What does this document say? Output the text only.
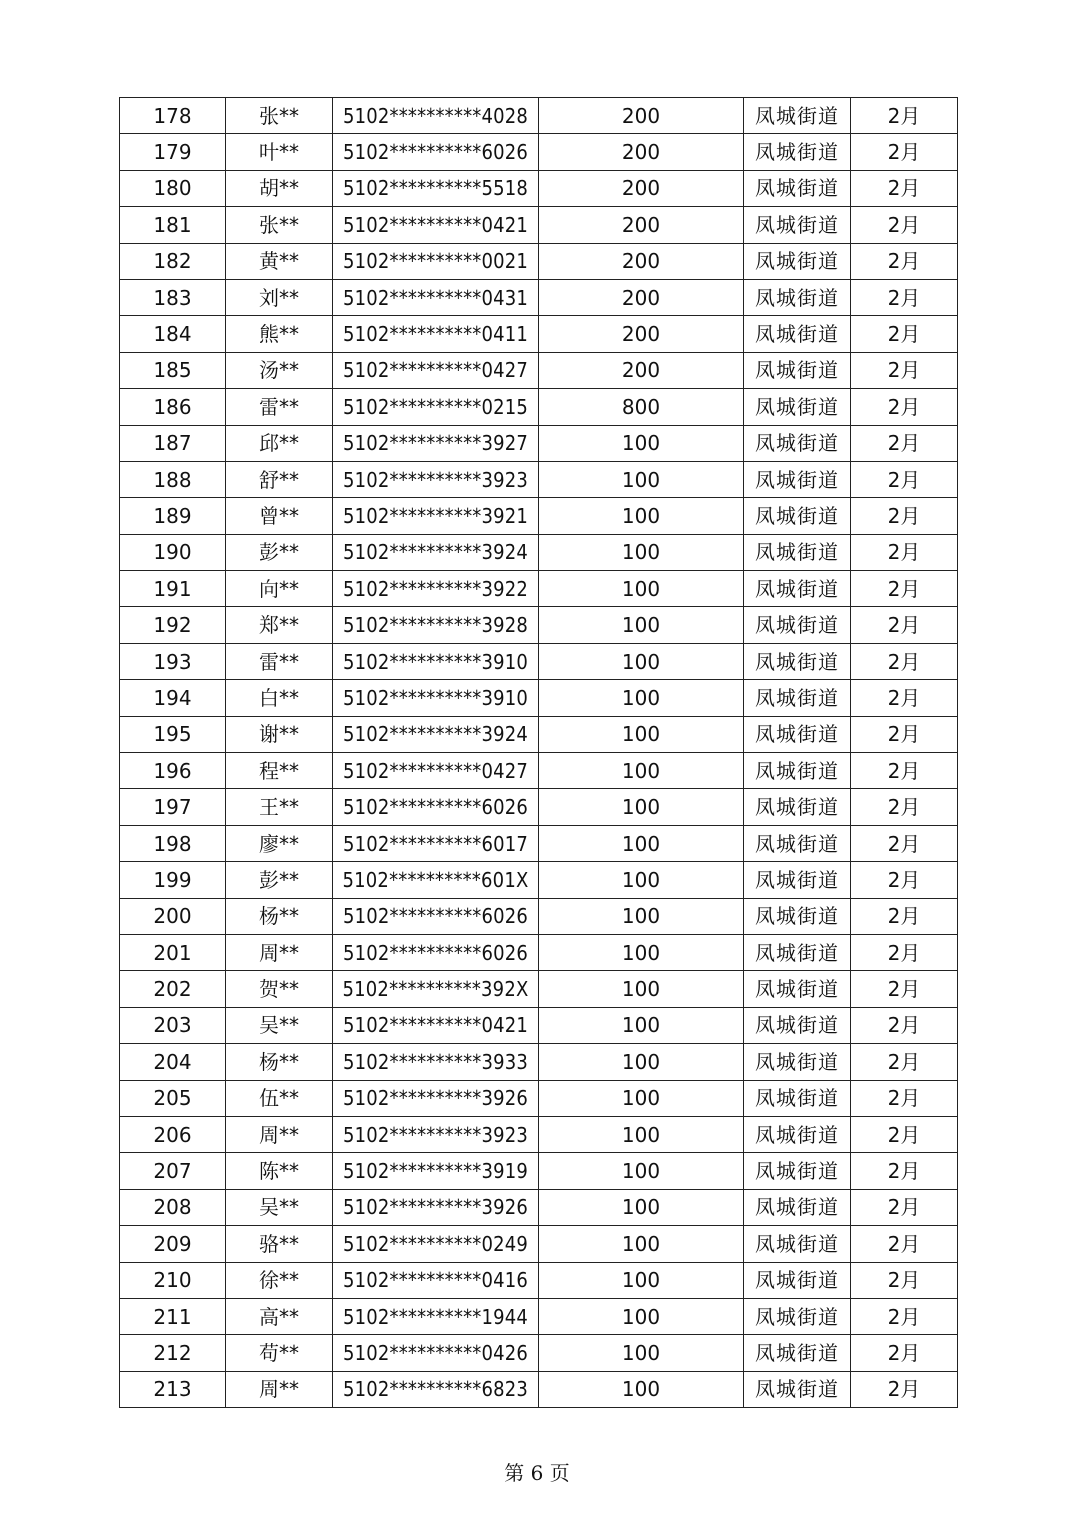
178	张**	5102**********4028	200	凤城街道	2月
179	叶**	5102**********6026	200	凤城街道	2月
180	胡**	5102**********5518	200	凤城街道	2月
181	张**	5102**********0421	200	凤城街道	2月
182	黄**	5102**********0021	200	凤城街道	2月
183	刘**	5102**********0431	200	凤城街道	2月
184	熊**	5102**********0411	200	凤城街道	2月
185	汤**	5102**********0427	200	凤城街道	2月
186	雷**	5102**********0215	800	凤城街道	2月
187	邱**	5102**********3927	100	凤城街道	2月
188	舒**	5102**********3923	100	凤城街道	2月
189	曾**	5102**********3921	100	凤城街道	2月
190	彭**	5102**********3924	100	凤城街道	2月
191	向**	5102**********3922	100	凤城街道	2月
192	郑**	5102**********3928	100	凤城街道	2月
193	雷**	5102**********3910	100	凤城街道	2月
194	白**	5102**********3910	100	凤城街道	2月
195	谢**	5102**********3924	100	凤城街道	2月
196	程**	5102**********0427	100	凤城街道	2月
197	王**	5102**********6026	100	凤城街道	2月
198	廖**	5102**********6017	100	凤城街道	2月
199	彭**	5102**********601X	100	凤城街道	2月
200	杨**	5102**********6026	100	凤城街道	2月
201	周**	5102**********6026	100	凤城街道	2月
202	贺**	5102**********392X	100	凤城街道	2月
203	吴**	5102**********0421	100	凤城街道	2月
204	杨**	5102**********3933	100	凤城街道	2月
205	伍**	5102**********3926	100	凤城街道	2月
206	周**	5102**********3923	100	凤城街道	2月
207	陈**	5102**********3919	100	凤城街道	2月
208	吴**	5102**********3926	100	凤城街道	2月
209	骆**	5102**********0249	100	凤城街道	2月
210	徐**	5102**********0416	100	凤城街道	2月
211	高**	5102**********1944	100	凤城街道	2月
212	苟**	5102**********0426	100	凤城街道	2月
213	周**	5102**********6823	100	凤城街道	2月
第 6 页
